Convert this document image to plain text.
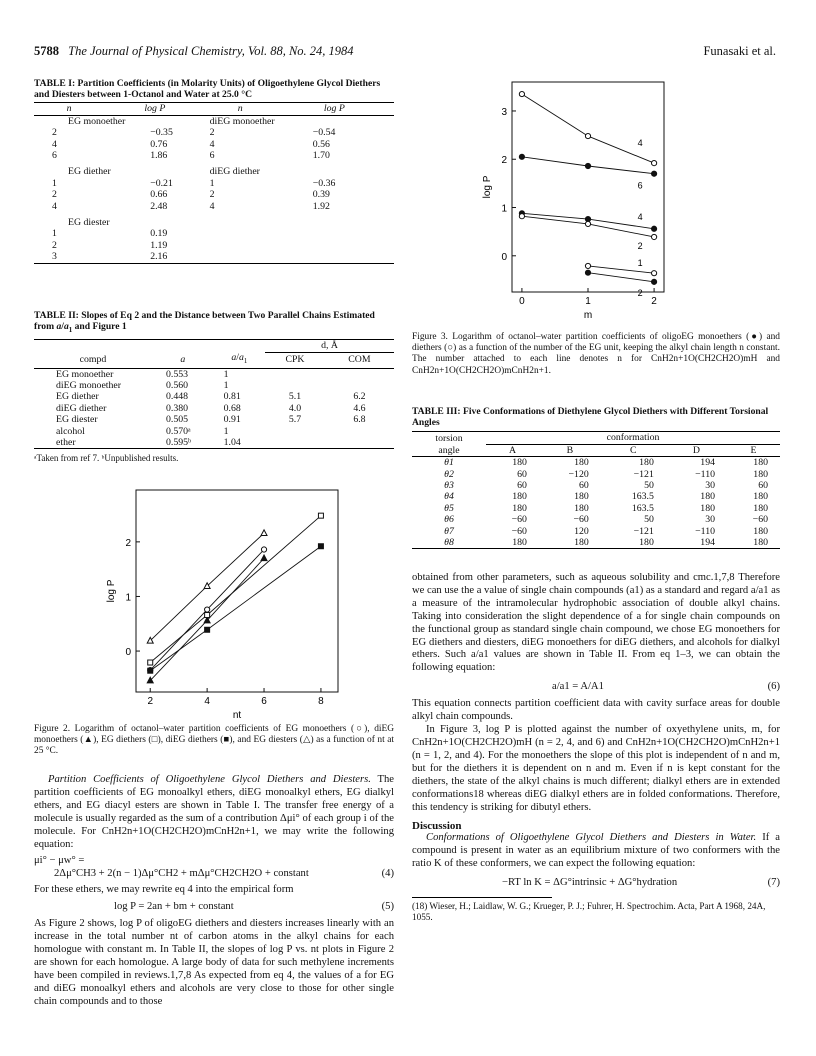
5788 The Journal of Physical Chemistry, Vol. 88, No. 24, 1984	Funasaki et al.
TABLE I: Partition Coefficients (in Molarity Units) of Oligoethylene Glycol Diethers and Diesters between 1-Octanol and Water at 25.0 °C
n	log P	n	log P
EG monoether		diEG monoether	
2	−0.35	2	−0.54
4	0.76	4	0.56
6	1.86	6	1.70
EG diether		diEG diether	
1	−0.21	1	−0.36
2	0.66	2	0.39
4	2.48	4	1.92
EG diester			
1	0.19		
2	1.19		
3	2.16		
TABLE II: Slopes of Eq 2 and the Distance between Two Parallel Chains Estimated from $a/a_1$ and Figure 1
			d, Å	
compd	a	$a/a_1$	CPK	COM
EG monoether	0.553	1		
diEG monoether	0.560	1		
EG diether	0.448	0.81	5.1	6.2
diEG diether	0.380	0.68	4.0	4.6
EG diester	0.505	0.91	5.7	6.8
alcohol	0.570ᵃ	1		
ether	0.595ᵇ	1.04		
ᵃTaken from ref 7. ᵇUnpublished results.
2	4	6	8
0
1
2
nt
log P
Figure 2. Logarithm of octanol–water partition coefficients of EG monoethers (○), diEG monoethers (▲), EG diethers (□), diEG diethers (■), and EG diesters (△) as a function of nt at 25 °C.

Partition Coefficients of Oligoethylene Glycol Diethers and Diesters. The partition coefficients of EG monoalkyl ethers, diEG monoalkyl ethers, EG dialkyl ethers, and EG diacyl esters are shown in Table I. The transfer free energy of a molecule is usually regarded as the sum of a contribution Δμi° of each group i of the molecule. For CnH2n+1O(CH2CH2O)mCnH2n+1, we may write the following equation:

μi° − μw° =
2Δμ°CH3 + 2(n − 1)Δμ°CH2 + mΔμ°CH2CH2O + constant	(4)

For these ethers, we may rewrite eq 4 into the empirical form

log P = 2an + bm + constant	(5)

As Figure 2 shows, log P of oligoEG diethers and diesters increases linearly with an increase in the total number nt of carbon atoms in the alkyl chains for each homologue with constant m. In Table II, the slopes of log P vs. nt plots in Figure 2 are shown for each homologue. A large body of data for such methylene increments have been compiled in reviews.1,7,8 As expected from eq 4, the values of a for EG and diEG monoalkyl ethers and alcohols are very close to those for other single chain compounds and to those

0	1	2
0
1
2
3
m
log P
4
6
4
2
1
2
Figure 3. Logarithm of octanol–water partition coefficients of oligoEG monoethers (●) and diethers (○) as a function of the number of the EG unit, keeping the alkyl chain length n constant. The number attached to each line denotes n for CnH2n+1O(CH2CH2O)mH and CnH2n+1O(CH2CH2O)mCnH2n+1.
TABLE III: Five Conformations of Diethylene Glycol Diethers with Different Torsional Angles
torsion	conformation				
angle	A	B	C	D	E
θ1	180	180	180	194	180
θ2	60	−120	−121	−110	180
θ3	60	60	50	30	60
θ4	180	180	163.5	180	180
θ5	180	180	163.5	180	180
θ6	−60	−60	50	30	−60
θ7	−60	120	−121	−110	180
θ8	180	180	180	194	180

obtained from other parameters, such as aqueous solubility and cmc.1,7,8 Therefore we can use the a value of single chain compounds (a1) as a standard and regard a/a1 as a measure of the intramolecular hydrophobic association of double alkyl chains. Taking into consideration the slight dependence of a for single chain compounds on the functional group as standard single chain compound, we chose EG monoethers for EG diethers and diesters, diEG monoethers for diEG diethers, and alcohols for dialkyl ethers. Such a/a1 values are shown in Table II. From eq 1–3, we can obtain the following equation:

a/a1 = A/A1	(6)

This equation connects partition coefficient data with cavity surface areas for double alkyl chain compounds.

In Figure 3, log P is plotted against the number of oxyethylene units, m, for CnH2n+1O(CH2CH2O)mH (n = 2, 4, and 6) and CnH2n+1O(CH2CH2O)mCnH2n+1 (n = 1, 2, and 4). For the monoethers the slope of this plot is independent of n and m, but for the diethers it is dependent on n and m. Even if n is kept constant for the diethers, the state of the alkyl chains is much different; dialkyl ethers are in extended conformations18 whereas diEG dialkyl ethers are in folded conformations. Therefore, this tendency is striking for dibutyl ethers.

Discussion

Conformations of Oligoethylene Glycol Diethers and Diesters in Water. If a compound is present in water as an equilibrium mixture of two conformers with the ratio K of these conformers, we can expect the following equation:

−RT ln K = ΔG°intrinsic + ΔG°hydration	(7)
(18) Wieser, H.; Laidlaw, W. G.; Krueger, P. J.; Fuhrer, H. Spectrochim. Acta, Part A 1968, 24A, 1055.
